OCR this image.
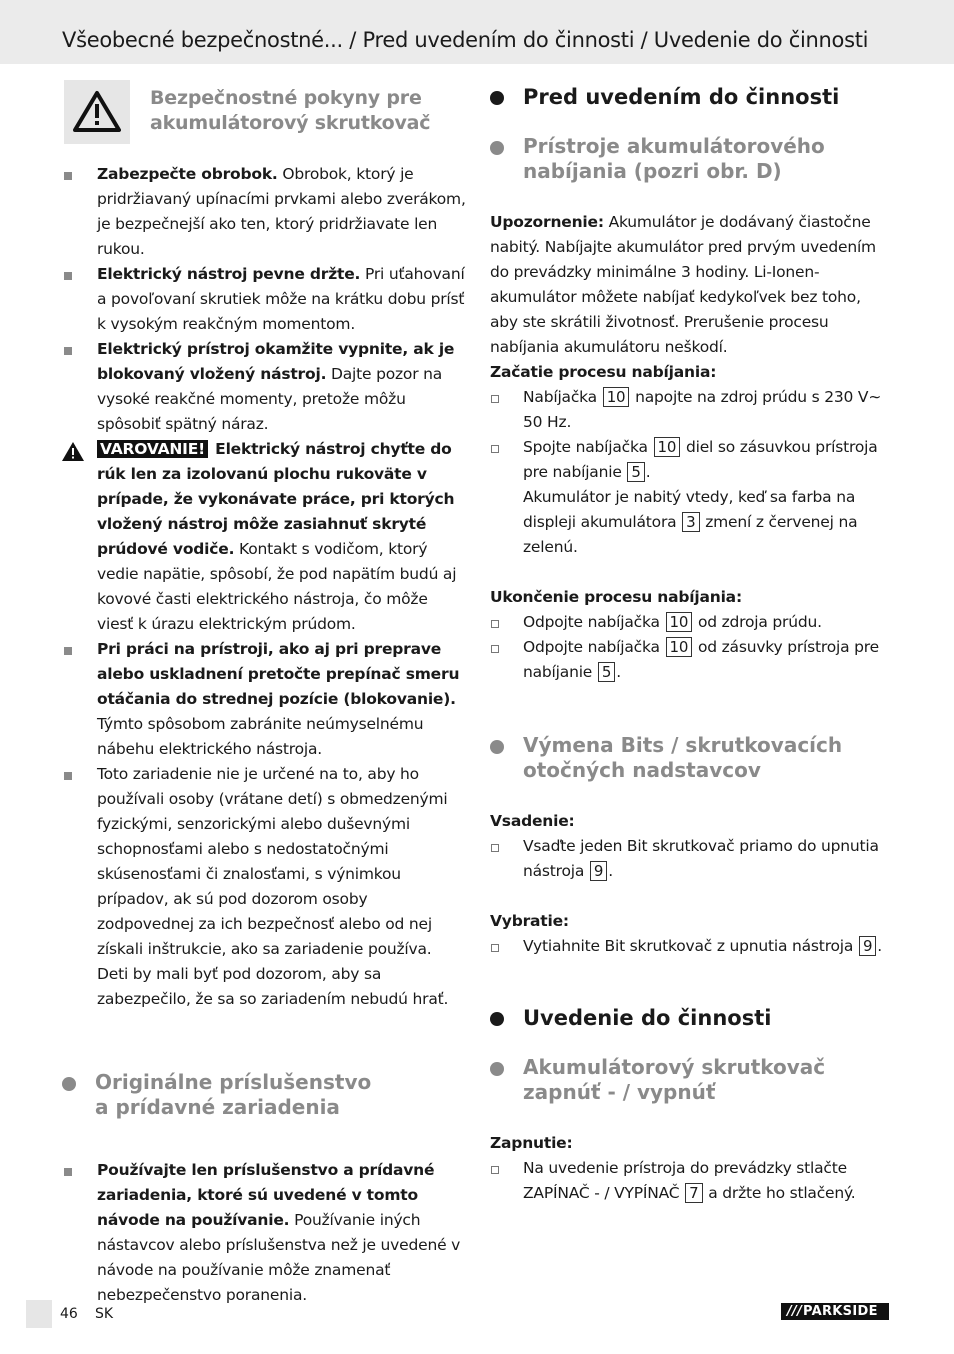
Všeobecné bezpečnostné... / Pred uvedením do činnosti / Uvedenie do činnosti
Bezpečnostné pokyny pre
akumulátorový skrutkovač
Zabezpečte obrobok. Obrobok, ktorý je pridržiavaný upínacími prvkami alebo zverákom, je bezpečnejší ako ten, ktorý pridržiavate len rukou.
Elektrický nástroj pevne držte. Pri uťahovaní a povoľovaní skrutiek môže na krátku dobu prísť k vysokým reakčným momentom.
Elektrický prístroj okamžite vypnite, ak je blokovaný vložený nástroj. Dajte pozor na vysoké reakčné momenty, pretože môžu spôsobiť spätný náraz.
VAROVANIE! Elektrický nástroj chyťte do rúk len za izolovanú plochu rukoväte v prípade, že vykonávate práce, pri ktorých vložený nástroj môže zasiahnuť skryté prúdové vodiče. Kontakt s vodičom, ktorý vedie napätie, spôsobí, že pod napätím budú aj kovové časti elektrického nástroja, čo môže viesť k úrazu elektrickým prúdom.
Pri práci na prístroji, ako aj pri preprave alebo uskladnení pretočte prepínač smeru otáčania do strednej pozície (blokovanie). Týmto spôsobom zabránite neúmyselnému nábehu elektrického nástroja.
Toto zariadenie nie je určené na to, aby ho používali osoby (vrátane detí) s obmedzenými fyzickými, senzorickými alebo duševnými schopnosťami alebo s nedostatočnými skúsenosťami či znalosťami, s výnimkou prípadov, ak sú pod dozorom osoby zodpovednej za ich bezpečnosť alebo od nej získali inštrukcie, ako sa zariadenie používa. Deti by mali byť pod dozorom, aby sa zabezpečilo, že sa so zariadením nebudú hrať.
Originálne príslušenstvo
a prídavné zariadenia
Používajte len príslušenstvo a prídavné zariadenia, ktoré sú uvedené v tomto návode na používanie. Používanie iných nástavcov alebo príslušenstva než je uvedené v návode na používanie môže znamenať nebezpečenstvo poranenia.
Pred uvedením do činnosti
Prístroje akumulátorového
nabíjania (pozri obr. D)
Upozornenie: Akumulátor je dodávaný čiastočne nabitý. Nabíjajte akumulátor pred prvým uvedením do prevádzky minimálne 3 hodiny. Li-Ionen- akumulátor môžete nabíjať kedykoľvek bez toho, aby ste skrátili životnosť. Prerušenie procesu nabíjania akumulátoru neškodí.
Začatie procesu nabíjania:
Nabíjačka 10 napojte na zdroj prúdu s 230 V∼ 50 Hz.
Spojte nabíjačka 10 diel so zásuvkou prístroja pre nabíjanie 5 .
Akumulátor je nabitý vtedy, keď sa farba na displeji akumulátora 3 zmení z červenej na zelenú.
Ukončenie procesu nabíjania:
Odpojte nabíjačka 10 od zdroja prúdu.
Odpojte nabíjačka 10 od zásuvky prístroja pre nabíjanie 5 .
Výmena Bits / skrutkovacích
otočných nadstavcov
Vsadenie:
Vsaďte jeden Bit skrutkovač priamo do upnutia nástroja 9 .
Vybratie:
Vytiahnite Bit skrutkovač z upnutia nástroja 9 .
Uvedenie do činnosti
Akumulátorový skrutkovač
zapnúť - / vypnúť
Zapnutie:
Na uvedenie prístroja do prevádzky stlačte ZAPÍNAČ - / VYPÍNAČ 7 a držte ho stlačený.
46 SK	///PARKSIDE
